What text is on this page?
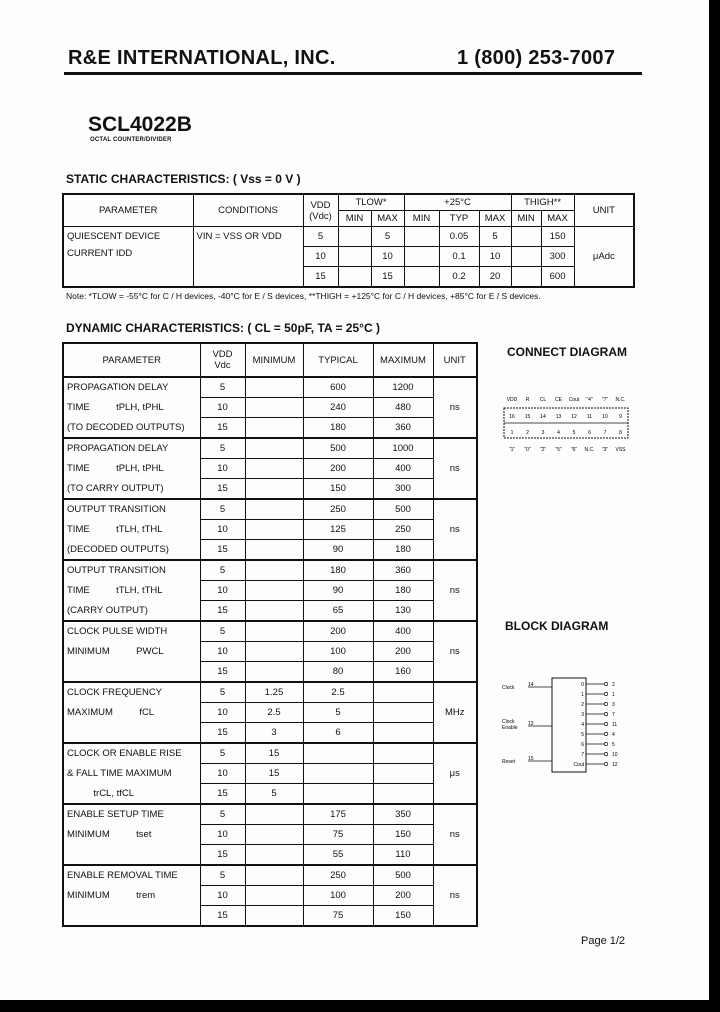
R&E INTERNATIONAL, INC.	1 (800) 253-7007
SCL4022B
OCTAL COUNTER/DIVIDER
STATIC CHARACTERISTICS: ( Vss = 0 V )
PARAMETER	CONDITIONS	VDD (Vdc)	TLOW*		+25°C			THIGH**		UNIT
			MIN	MAX	MIN	TYP	MAX	MIN	MAX	

QUIESCENT DEVICE
CURRENT IDD	VIN = VSS OR VDD	5		5		0.05	5		150	μAdc
		10		10		0.1	10		300	
		15		15		0.2	20		600	
Note: *TLOW = -55°C for C / H devices, -40°C for E / S devices, **THIGH = +125°C for C / H devices, +85°C for E / S devices.
DYNAMIC CHARACTERISTICS: ( CL = 50pF, TA = 25°C )
PARAMETER	VDD Vdc	MINIMUM	TYPICAL	MAXIMUM	UNIT
PROPAGATION DELAY	5		600	1200	ns
TIME          tPLH, tPHL	10		240	480	
(TO DECODED OUTPUTS)	15		180	360	
PROPAGATION DELAY	5		500	1000	ns
TIME          tPLH, tPHL	10		200	400	
(TO CARRY OUTPUT)	15		150	300	
OUTPUT TRANSITION	5		250	500	ns
TIME          tTLH, tTHL	10		125	250	
(DECODED OUTPUTS)	15		90	180	
OUTPUT TRANSITION	5		180	360	ns
TIME          tTLH, tTHL	10		90	180	
(CARRY OUTPUT)	15		65	130	
CLOCK PULSE WIDTH	5		200	400	ns
MINIMUM          PWCL	10		100	200	
	15		80	160	
CLOCK FREQUENCY	5	1.25	2.5		MHz
MAXIMUM          fCL	10	2.5	5		
	15	3	6		
CLOCK OR ENABLE RISE	5	15			μs
& FALL TIME MAXIMUM	10	15			
trCL, tfCL	15	5			
ENABLE SETUP TIME	5		175	350	ns
MINIMUM          tset	10		75	150	
	15		55	110	
ENABLE REMOVAL TIME	5		250	500	ns
MINIMUM          trem	10		100	200	
	15		75	150	
CONNECT DIAGRAM
VDD R CL CE Cout "4" "7" N.C.
16 15 14 13 12 11 10 9
1	2	3	4	5	6	7	8
"1" "0" "2" "5" "6" N.C. "3" VSS
BLOCK DIAGRAM
Clock	14
Clock
Enable
13
Reset	15
0	2
1	1
2	3
3	7
4	11
5	4
6	5
7	10
Cout	12
Page 1/2
